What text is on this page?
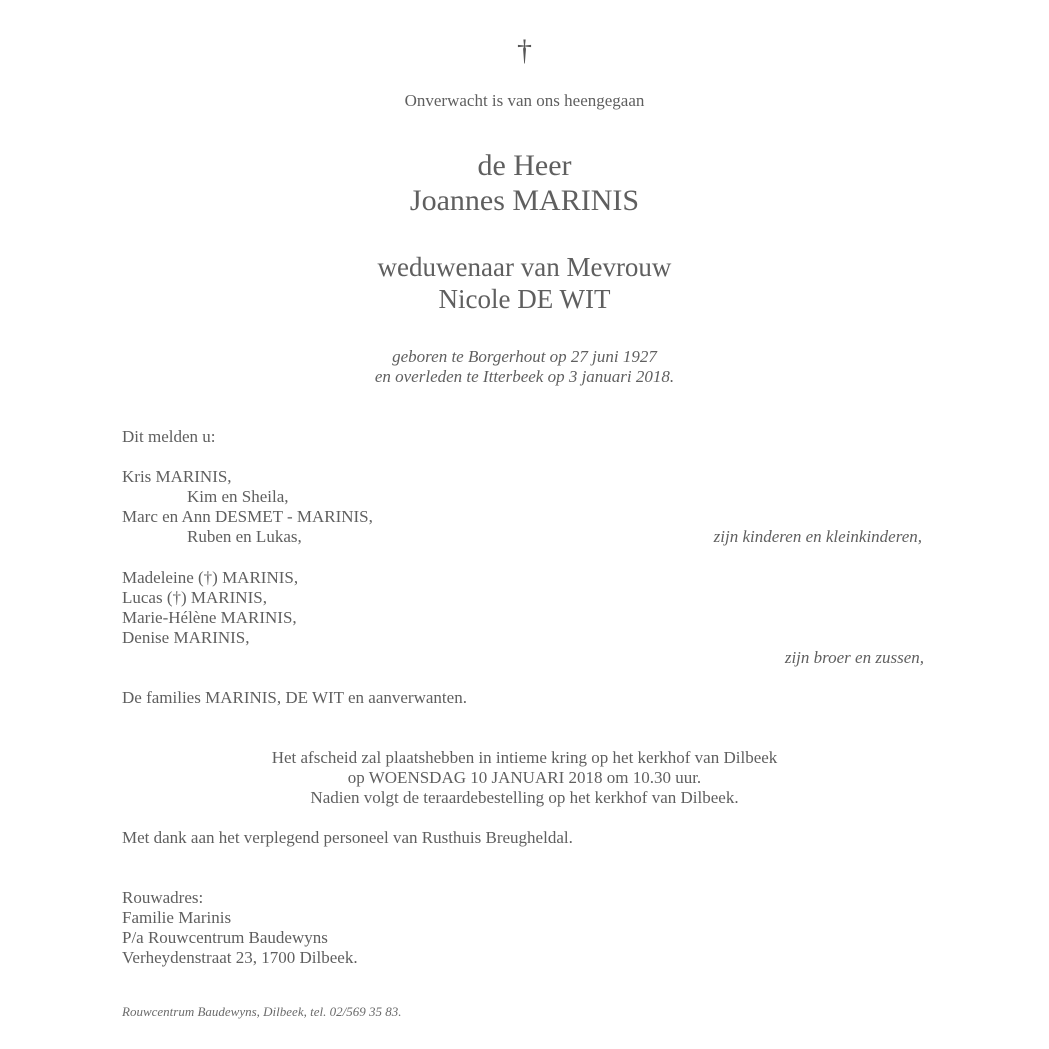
†
Onverwacht is van ons heengegaan
de Heer
Joannes MARINIS
weduwenaar van Mevrouw
Nicole DE WIT
geboren te Borgerhout op 27 juni 1927
en overleden te Itterbeek op 3 januari 2018.
Dit melden u:
Kris MARINIS,
Kim en Sheila,
Marc en Ann DESMET - MARINIS,
Ruben en Lukas,	zijn kinderen en kleinkinderen,
Madeleine (†) MARINIS,
Lucas (†) MARINIS,
Marie-Hélène MARINIS,
Denise MARINIS,
zijn broer en zussen,
De families MARINIS, DE WIT en aanverwanten.
Het afscheid zal plaatshebben in intieme kring op het kerkhof van Dilbeek
op WOENSDAG 10 JANUARI 2018 om 10.30 uur.
Nadien volgt de teraardebestelling op het kerkhof van Dilbeek.
Met dank aan het verplegend personeel van Rusthuis Breugheldal.
Rouwadres:
Familie Marinis
P/a Rouwcentrum Baudewyns
Verheydenstraat 23, 1700 Dilbeek.
Rouwcentrum Baudewyns, Dilbeek, tel. 02/569 35 83.
